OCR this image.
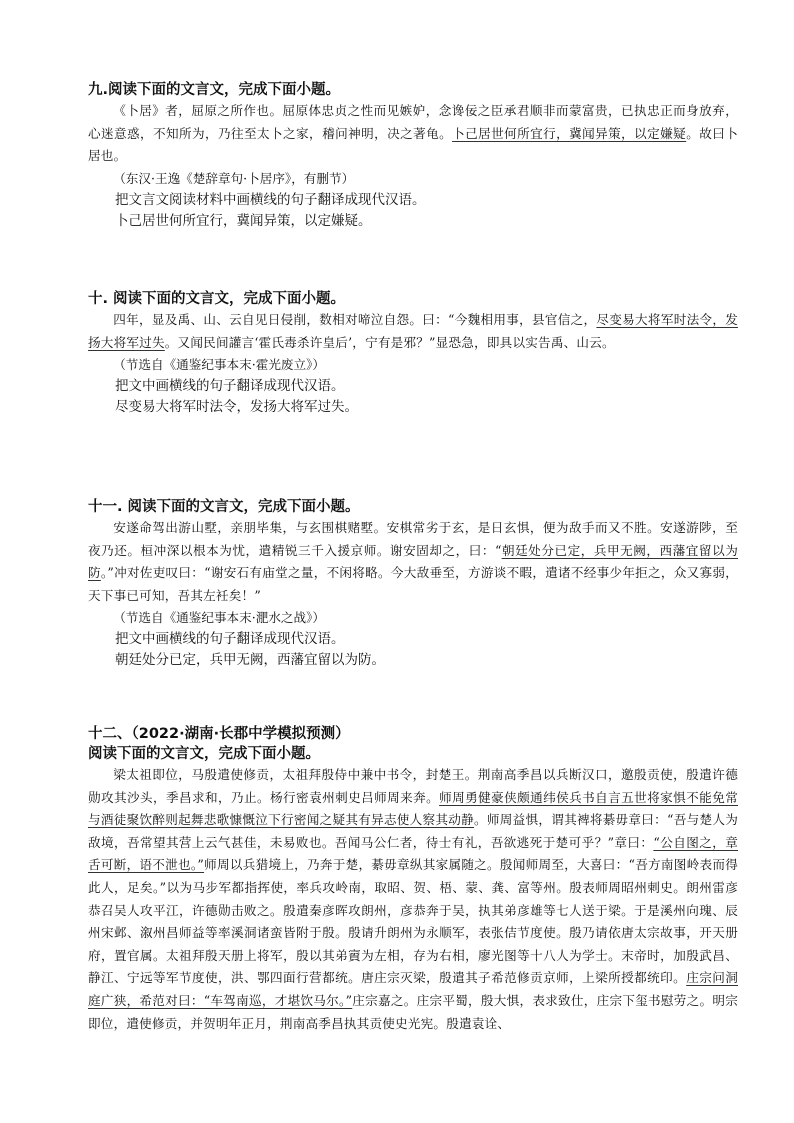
九.阅读下面的文言文，完成下面小题。

《卜居》者，屈原之所作也。屈原体忠贞之性而见嫉妒，念谗佞之臣承君顺非而蒙富贵，已执忠正而身放弃，心迷意惑，不知所为，乃往至太卜之家，稽问神明，决之著龟。卜己居世何所宜行，冀闻异策，以定嫌疑。故曰卜居也。

（东汉·王逸《楚辞章句·卜居序》，有删节）

把文言文阅读材料中画横线的句子翻译成现代汉语。

卜己居世何所宜行，冀闻异策，以定嫌疑。

十. 阅读下面的文言文，完成下面小题。

四年，显及禹、山、云自见日侵削，数相对啼泣自怨。曰：“今魏相用事，县官信之，尽变易大将军时法令，发扬大将军过失。又闻民间讙言‘霍氏毒杀许皇后’，宁有是邪？”显恐急，即具以实告禹、山云。

（节选自《通鉴纪事本末·霍光废立》）

把文中画横线的句子翻译成现代汉语。

尽变易大将军时法令，发扬大将军过失。

十一. 阅读下面的文言文，完成下面小题。

安遂命驾出游山墅，亲朋毕集，与玄围棋赌墅。安棋常劣于玄，是日玄惧，便为敌手而又不胜。安遂游陟，至夜乃还。桓冲深以根本为忧，遣精锐三千入援京师。谢安固却之，曰：“朝廷处分已定，兵甲无阙，西藩宜留以为防。”冲对佐吏叹曰：“谢安石有庙堂之量，不闲将略。今大敌垂至，方游谈不暇，遣诸不经事少年拒之，众又寡弱，天下事已可知，吾其左衽矣！”

（节选自《通鉴纪事本末·淝水之战》）

把文中画横线的句子翻译成现代汉语。

朝廷处分已定，兵甲无阙，西藩宜留以为防。

十二、（2022·湖南·长郡中学模拟预测）

阅读下面的文言文，完成下面小题。

梁太祖即位，马殷遣使修贡，太祖拜殷侍中兼中书令，封楚王。荆南高季昌以兵断汉口，邀殷贡使，殷遣许德勋攻其沙头，季昌求和，乃止。杨行密袁州刺史吕师周来奔。师周勇健豪侠颇通纬侯兵书自言五世将家惧不能免常与酒徒聚饮醉则起舞悲歌慷慨泣下行密闻之疑其有异志使人察其动静。师周益惧，谓其裨将綦毋章曰：“吾与楚人为敌境，吾常望其营上云气甚佳，未易败也。吾闻马公仁者，待士有礼，吾欲逃死于楚可乎？”章曰：“公自图之，章舌可断，语不泄也。”师周以兵猎境上，乃奔于楚，綦毋章纵其家属随之。殷闻师周至，大喜曰：“吾方南图岭表而得此人，足矣。”以为马步军都指挥使，率兵攻岭南，取昭、贺、梧、蒙、龚、富等州。殷表师周昭州刺史。朗州雷彦恭召吴人攻平江，许德勋击败之。殷遣秦彦晖攻朗州，彦恭奔于吴，执其弟彦雄等七人送于梁。于是溪州向瑰、辰州宋邺、溆州昌师益等率溪洞诸蛮皆附于殷。殷请升朗州为永顺军，表张佶节度使。殷乃请依唐太宗故事，开天册府，置官属。太祖拜殷天册上将军，殷以其弟賨为左相，存为右相，廖光图等十八人为学士。末帝时，加殷武昌、静江、宁远等军节度使，洪、鄂四面行营都统。唐庄宗灭梁，殷遣其子希范修贡京师，上梁所授都统印。庄宗问洞庭广狭，希范对曰：“车驾南巡，才堪饮马尔。”庄宗嘉之。庄宗平蜀，殷大惧，表求致仕，庄宗下玺书慰劳之。明宗即位，遣使修贡，并贺明年正月，荆南高季昌执其贡使史光宪。殷遣袁诠、
